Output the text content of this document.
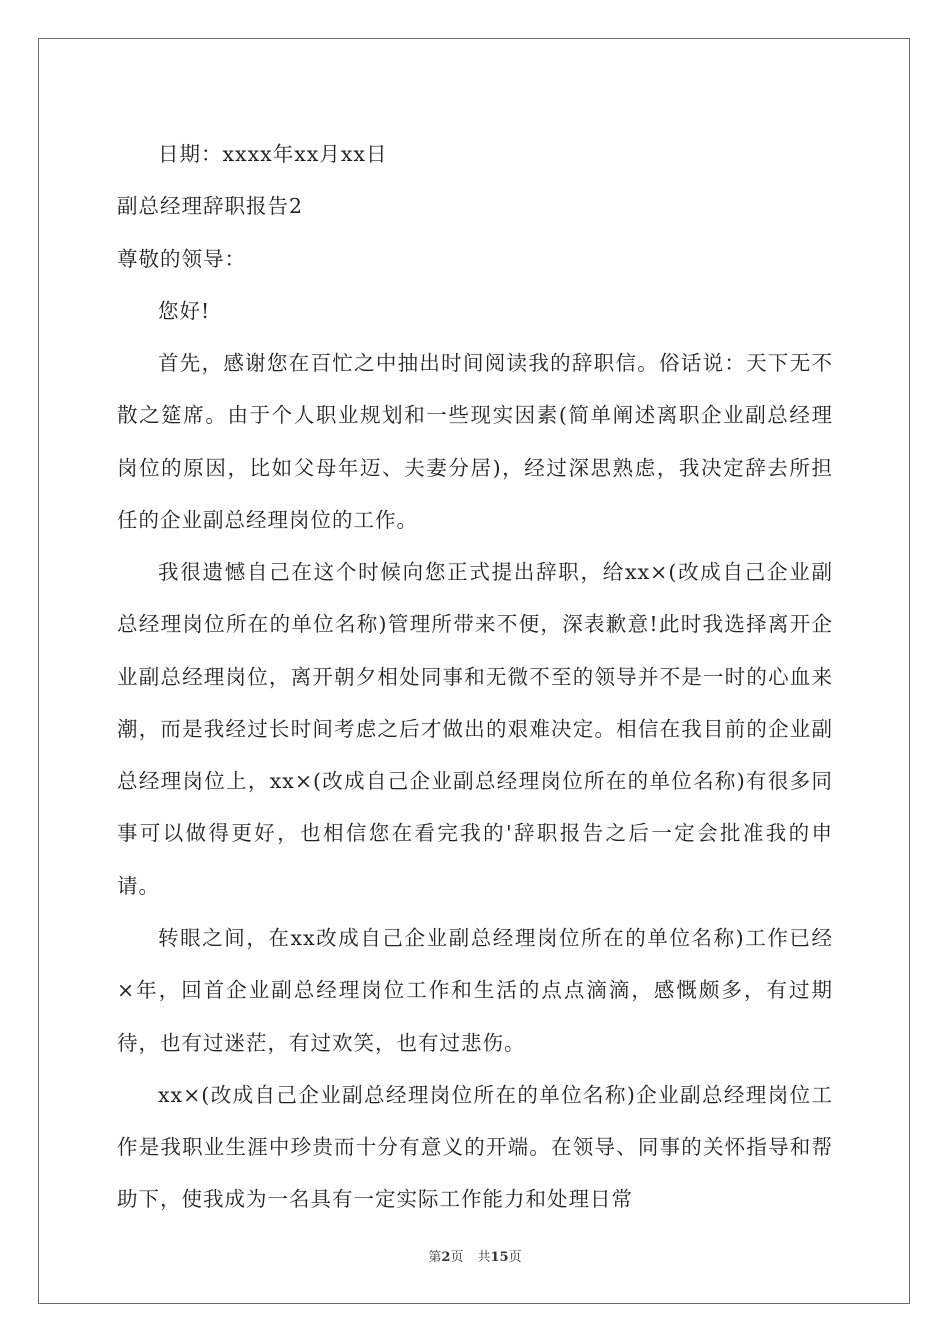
日期：xxxx年xx月xx日

副总经理辞职报告2

尊敬的领导：

您好!

首先，感谢您在百忙之中抽出时间阅读我的辞职信。俗话说：天下无不散之筵席。由于个人职业规划和一些现实因素(简单阐述离职企业副总经理岗位的原因，比如父母年迈、夫妻分居)，经过深思熟虑，我决定辞去所担任的企业副总经理岗位的工作。

我很遗憾自己在这个时候向您正式提出辞职，给xx×(改成自己企业副总经理岗位所在的单位名称)管理所带来不便，深表歉意!此时我选择离开企业副总经理岗位，离开朝夕相处同事和无微不至的领导并不是一时的心血来潮，而是我经过长时间考虑之后才做出的艰难决定。相信在我目前的企业副总经理岗位上，xx×(改成自己企业副总经理岗位所在的单位名称)有很多同事可以做得更好，也相信您在看完我的'辞职报告之后一定会批准我的申请。

转眼之间，在xx改成自己企业副总经理岗位所在的单位名称)工作已经×年，回首企业副总经理岗位工作和生活的点点滴滴，感慨颇多，有过期待，也有过迷茫，有过欢笑，也有过悲伤。

xx×(改成自己企业副总经理岗位所在的单位名称)企业副总经理岗位工作是我职业生涯中珍贵而十分有意义的开端。在领导、同事的关怀指导和帮助下，使我成为一名具有一定实际工作能力和处理日常

第2页 共15页
